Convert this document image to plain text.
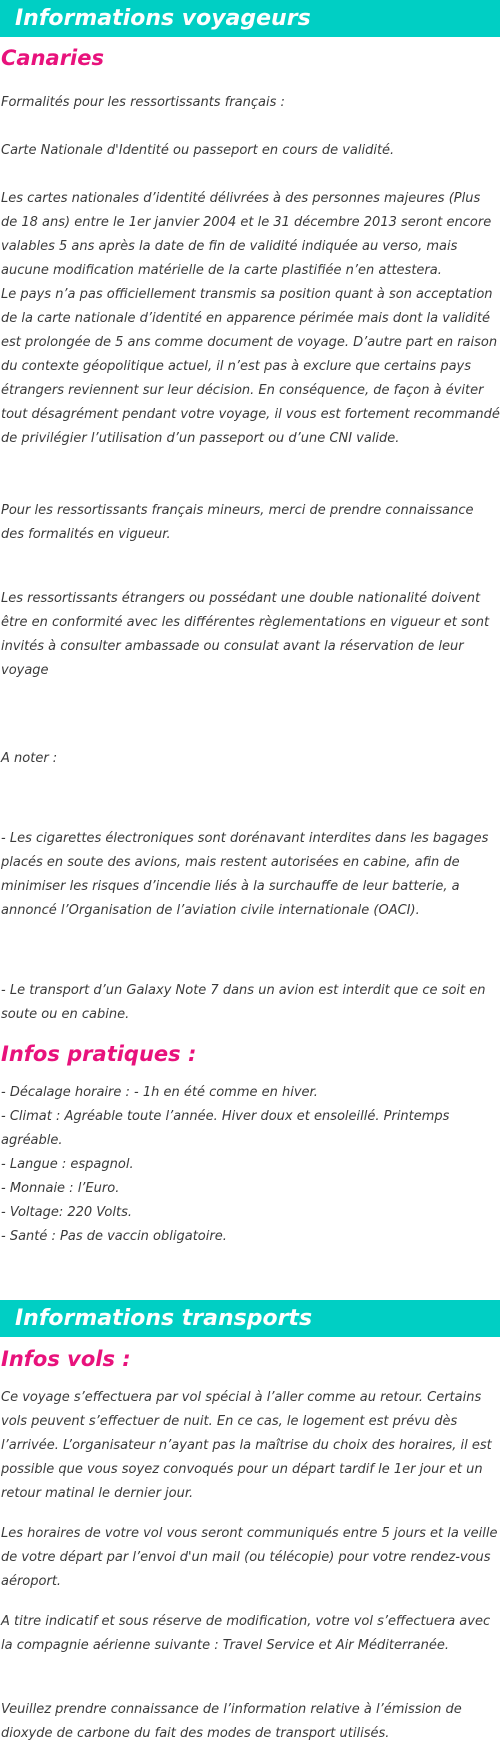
Informations voyageurs
Canaries

Formalités pour les ressortissants français :

Carte Nationale d'Identité ou passeport en cours de validité.

Les cartes nationales d’identité délivrées à des personnes majeures (Plus de 18 ans) entre le 1er janvier 2004 et le 31 décembre 2013 seront encore valables 5 ans après la date de fin de validité indiquée au verso, mais aucune modification matérielle de la carte plastifiée n’en attestera.

Le pays n’a pas officiellement transmis sa position quant à son acceptation de la carte nationale d’identité en apparence périmée mais dont la validité est prolongée de 5 ans comme document de voyage. D’autre part en raison du contexte géopolitique actuel, il n’est pas à exclure que certains pays étrangers reviennent sur leur décision. En conséquence, de façon à éviter tout désagrément pendant votre voyage, il vous est fortement recommandé de privilégier l’utilisation d’un passeport ou d’une CNI valide.

Pour les ressortissants français mineurs, merci de prendre connaissance des formalités en vigueur.

Les ressortissants étrangers ou possédant une double nationalité doivent être en conformité avec les différentes règlementations en vigueur et sont invités à consulter ambassade ou consulat avant la réservation de leur voyage

A noter :

- Les cigarettes électroniques sont dorénavant interdites dans les bagages placés en soute des avions, mais restent autorisées en cabine, afin de minimiser les risques d’incendie liés à la surchauffe de leur batterie, a annoncé l’Organisation de l’aviation civile internationale (OACI).

- Le transport d’un Galaxy Note 7 dans un avion est interdit que ce soit en soute ou en cabine.

Infos pratiques :

- Décalage horaire : - 1h en été comme en hiver.

- Climat : Agréable toute l’année. Hiver doux et ensoleillé. Printemps agréable.

- Langue : espagnol.

- Monnaie : l’Euro.

- Voltage: 220 Volts.

- Santé : Pas de vaccin obligatoire.

Informations transports
Infos vols :

Ce voyage s’effectuera par vol spécial à l’aller comme au retour. Certains vols peuvent s’effectuer de nuit. En ce cas, le logement est prévu dès l’arrivée. L’organisateur n’ayant pas la maîtrise du choix des horaires, il est possible que vous soyez convoqués pour un départ tardif le 1er jour et un retour matinal le dernier jour.

Les horaires de votre vol vous seront communiqués entre 5 jours et la veille de votre départ par l’envoi d'un mail (ou télécopie) pour votre rendez-vous aéroport.

A titre indicatif et sous réserve de modification, votre vol s’effectuera avec la compagnie aérienne suivante : Travel Service et Air Méditerranée.

Veuillez prendre connaissance de l’information relative à l’émission de dioxyde de carbone du fait des modes de transport utilisés.
